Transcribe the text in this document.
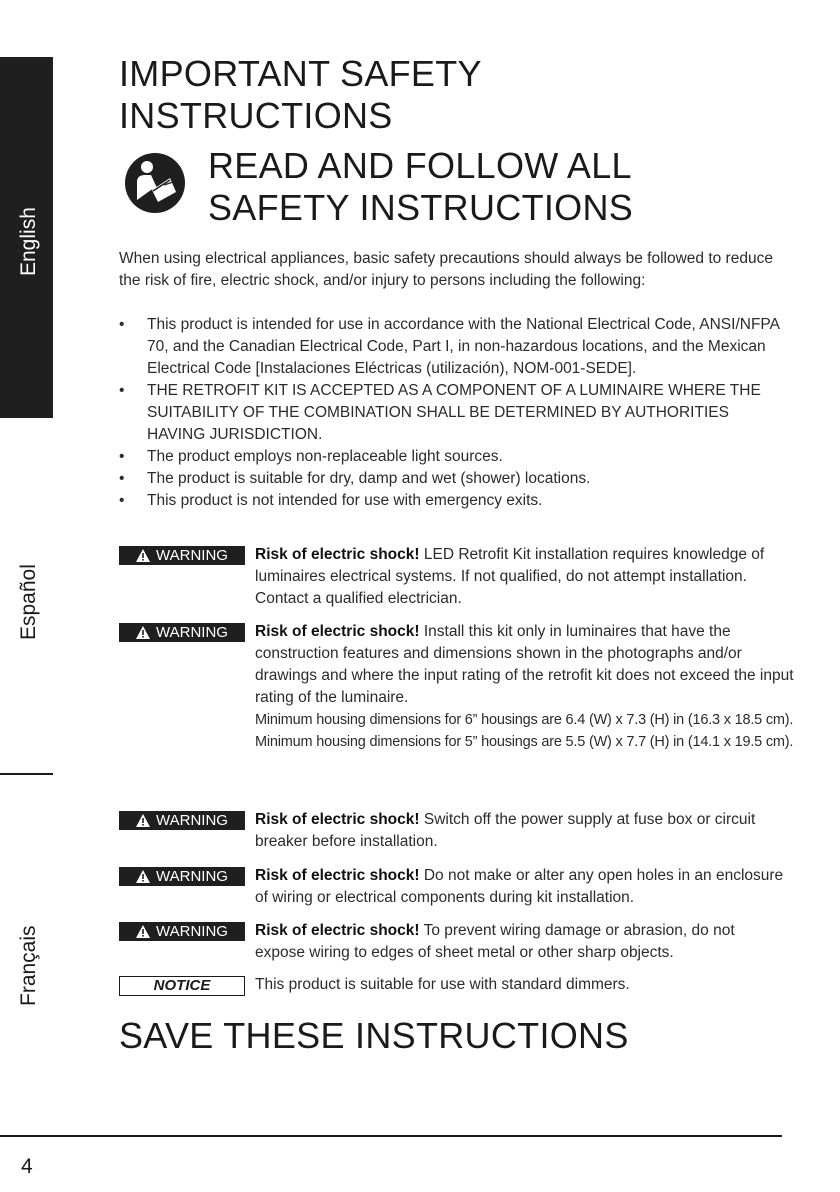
English
Español
Français
IMPORTANT SAFETY
INSTRUCTIONS
READ AND FOLLOW ALL
SAFETY INSTRUCTIONS

When using electrical appliances, basic safety precautions should always be followed to reduce the risk of fire, electric shock, and/or injury to persons including the following:

• This product is intended for use in accordance with the National Electrical Code, ANSI/NFPA 70, and the Canadian Electrical Code, Part I, in non-hazardous locations, and the Mexican Electrical Code [Instalaciones Eléctricas (utilización), NOM-001-SEDE].
• THE RETROFIT KIT IS ACCEPTED AS A COMPONENT OF A LUMINAIRE WHERE THE SUITABILITY OF THE COMBINATION SHALL BE DETERMINED BY AUTHORITIES HAVING JURISDICTION.
• The product employs non-replaceable light sources.
• The product is suitable for dry, damp and wet (shower) locations.
• This product is not intended for use with emergency exits.
WARNING Risk of electric shock! LED Retrofit Kit installation requires knowledge of luminaires electrical systems. If not qualified, do not attempt installation. Contact a qualified electrician.
WARNING Risk of electric shock! Install this kit only in luminaires that have the construction features and dimensions shown in the photographs and/or drawings and where the input rating of the retrofit kit does not exceed the input rating of the luminaire.
Minimum housing dimensions for 6” housings are 6.4 (W) x 7.3 (H) in (16.3 x 18.5 cm).
Minimum housing dimensions for 5” housings are 5.5 (W) x 7.7 (H) in (14.1 x 19.5 cm).
WARNING Risk of electric shock! Switch off the power supply at fuse box or circuit breaker before installation.
WARNING Risk of electric shock! Do not make or alter any open holes in an enclosure of wiring or electrical components during kit installation.
WARNING Risk of electric shock! To prevent wiring damage or abrasion, do not expose wiring to edges of sheet metal or other sharp objects.
NOTICE	This product is suitable for use with standard dimmers.
SAVE THESE INSTRUCTIONS
4
